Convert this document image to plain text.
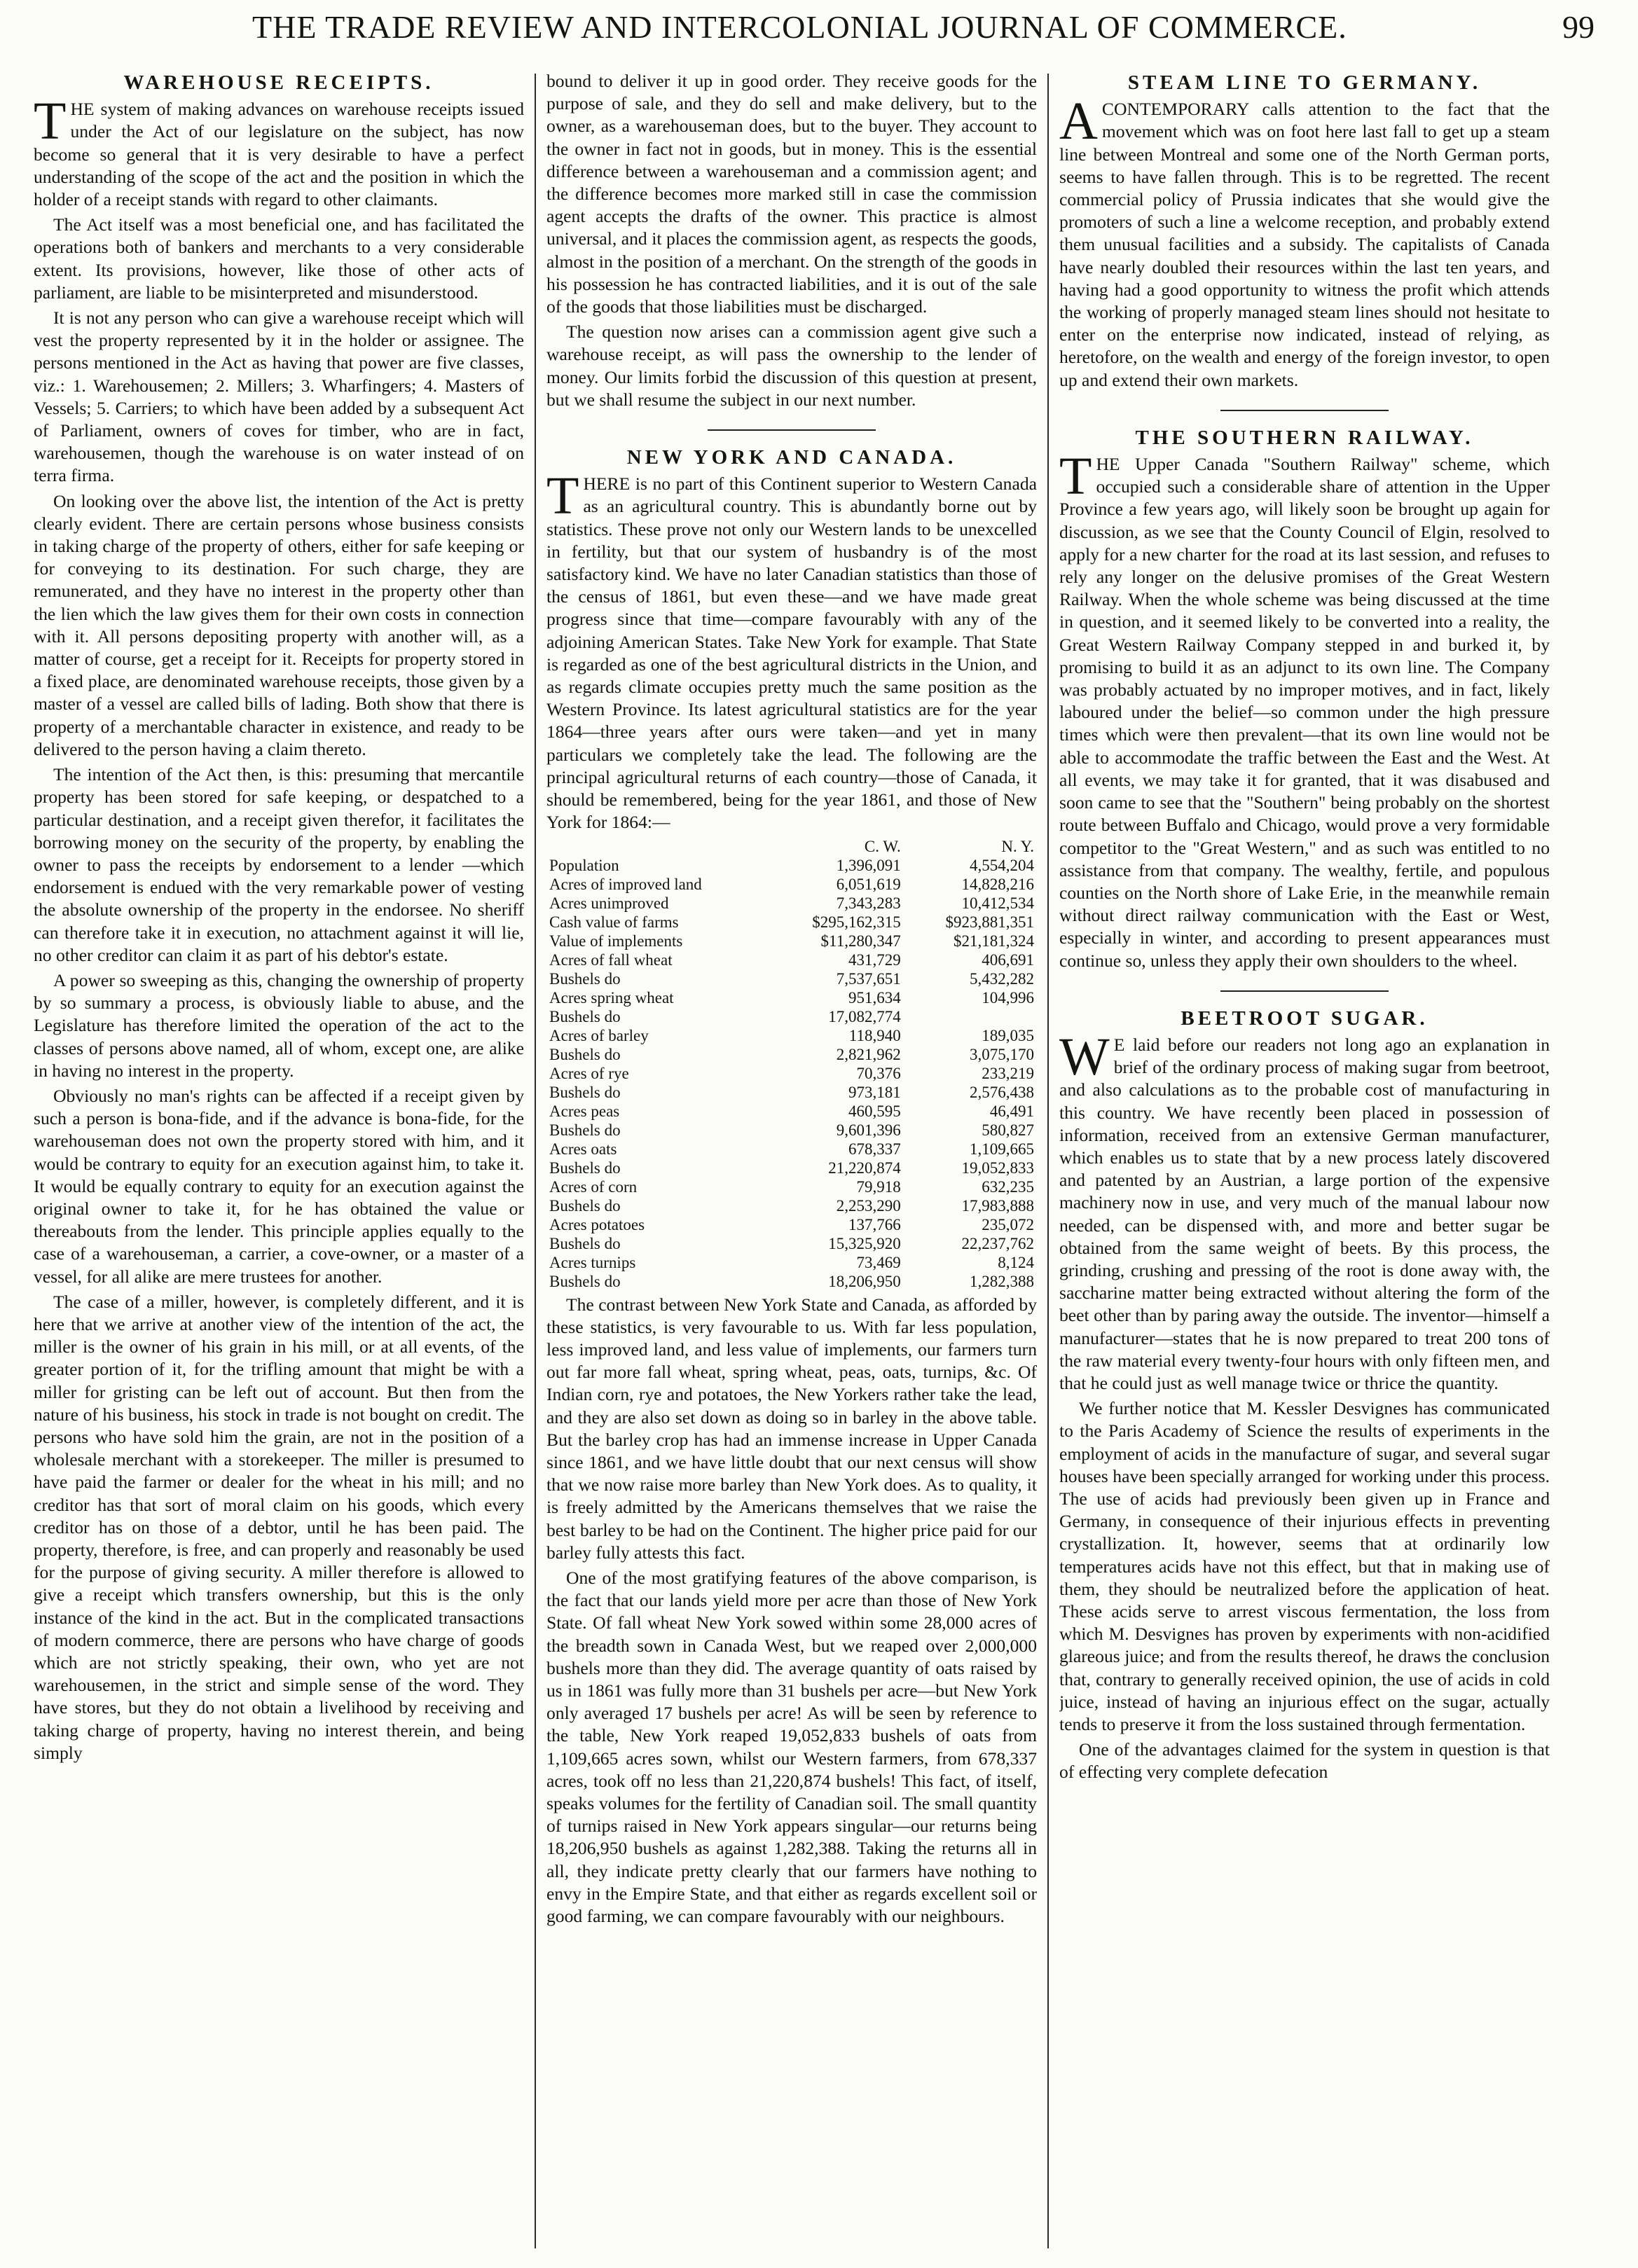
THE TRADE REVIEW AND INTERCOLONIAL JOURNAL OF COMMERCE.	99
WAREHOUSE RECEIPTS.

THE system of making advances on warehouse receipts issued under the Act of our legislature on the subject, has now become so general that it is very desirable to have a perfect understanding of the scope of the act and the position in which the holder of a receipt stands with regard to other claimants.

The Act itself was a most beneficial one, and has facilitated the operations both of bankers and merchants to a very considerable extent. Its provisions, however, like those of other acts of parliament, are liable to be misinterpreted and misunderstood.

It is not any person who can give a warehouse receipt which will vest the property represented by it in the holder or assignee. The persons mentioned in the Act as having that power are five classes, viz.: 1. Warehousemen; 2. Millers; 3. Wharfingers; 4. Masters of Vessels; 5. Carriers; to which have been added by a subsequent Act of Parliament, owners of coves for timber, who are in fact, warehousemen, though the warehouse is on water instead of on terra firma.

On looking over the above list, the intention of the Act is pretty clearly evident. There are certain persons whose business consists in taking charge of the property of others, either for safe keeping or for conveying to its destination. For such charge, they are remunerated, and they have no interest in the property other than the lien which the law gives them for their own costs in connection with it. All persons depositing property with another will, as a matter of course, get a receipt for it. Receipts for property stored in a fixed place, are denominated warehouse receipts, those given by a master of a vessel are called bills of lading. Both show that there is property of a merchantable character in existence, and ready to be delivered to the person having a claim thereto.

The intention of the Act then, is this: presuming that mercantile property has been stored for safe keeping, or despatched to a particular destination, and a receipt given therefor, it facilitates the borrowing money on the security of the property, by enabling the owner to pass the receipts by endorsement to a lender —which endorsement is endued with the very remarkable power of vesting the absolute ownership of the property in the endorsee. No sheriff can therefore take it in execution, no attachment against it will lie, no other creditor can claim it as part of his debtor's estate.

A power so sweeping as this, changing the ownership of property by so summary a process, is obviously liable to abuse, and the Legislature has therefore limited the operation of the act to the classes of persons above named, all of whom, except one, are alike in having no interest in the property.

Obviously no man's rights can be affected if a receipt given by such a person is bona-fide, and if the advance is bona-fide, for the warehouseman does not own the property stored with him, and it would be contrary to equity for an execution against him, to take it. It would be equally contrary to equity for an execution against the original owner to take it, for he has obtained the value or thereabouts from the lender. This principle applies equally to the case of a warehouseman, a carrier, a cove-owner, or a master of a vessel, for all alike are mere trustees for another.

The case of a miller, however, is completely different, and it is here that we arrive at another view of the intention of the act, the miller is the owner of his grain in his mill, or at all events, of the greater portion of it, for the trifling amount that might be with a miller for gristing can be left out of account. But then from the nature of his business, his stock in trade is not bought on credit. The persons who have sold him the grain, are not in the position of a wholesale merchant with a storekeeper. The miller is presumed to have paid the farmer or dealer for the wheat in his mill; and no creditor has that sort of moral claim on his goods, which every creditor has on those of a debtor, until he has been paid. The property, therefore, is free, and can properly and reasonably be used for the purpose of giving security. A miller therefore is allowed to give a receipt which transfers ownership, but this is the only instance of the kind in the act. But in the complicated transactions of modern commerce, there are persons who have charge of goods which are not strictly speaking, their own, who yet are not warehousemen, in the strict and simple sense of the word. They have stores, but they do not obtain a livelihood by receiving and taking charge of property, having no interest therein, and being simply

bound to deliver it up in good order. They receive goods for the purpose of sale, and they do sell and make delivery, but to the owner, as a warehouseman does, but to the buyer. They account to the owner in fact not in goods, but in money. This is the essential difference between a warehouseman and a commission agent; and the difference becomes more marked still in case the commission agent accepts the drafts of the owner. This practice is almost universal, and it places the commission agent, as respects the goods, almost in the position of a merchant. On the strength of the goods in his possession he has contracted liabilities, and it is out of the sale of the goods that those liabilities must be discharged.

The question now arises can a commission agent give such a warehouse receipt, as will pass the ownership to the lender of money. Our limits forbid the discussion of this question at present, but we shall resume the subject in our next number.

NEW YORK AND CANADA.

THERE is no part of this Continent superior to Western Canada as an agricultural country. This is abundantly borne out by statistics. These prove not only our Western lands to be unexcelled in fertility, but that our system of husbandry is of the most satisfactory kind. We have no later Canadian statistics than those of the census of 1861, but even these—and we have made great progress since that time—compare favourably with any of the adjoining American States. Take New York for example. That State is regarded as one of the best agricultural districts in the Union, and as regards climate occupies pretty much the same position as the Western Province. Its latest agricultural statistics are for the year 1864—three years after ours were taken—and yet in many particulars we completely take the lead. The following are the principal agricultural returns of each country—those of Canada, it should be remembered, being for the year 1861, and those of New York for 1864:—

	C. W.	N. Y.
Population	1,396,091	4,554,204
Acres of improved land	6,051,619	14,828,216
Acres unimproved	7,343,283	10,412,534
Cash value of farms	$295,162,315	$923,881,351
Value of implements	$11,280,347	$21,181,324
Acres of fall wheat	431,729	406,691
Bushels do	7,537,651	5,432,282
Acres spring wheat	951,634	104,996
Bushels do	17,082,774	
Acres of barley	118,940	189,035
Bushels do	2,821,962	3,075,170
Acres of rye	70,376	233,219
Bushels do	973,181	2,576,438
Acres peas	460,595	46,491
Bushels do	9,601,396	580,827
Acres oats	678,337	1,109,665
Bushels do	21,220,874	19,052,833
Acres of corn	79,918	632,235
Bushels do	2,253,290	17,983,888
Acres potatoes	137,766	235,072
Bushels do	15,325,920	22,237,762
Acres turnips	73,469	8,124
Bushels do	18,206,950	1,282,388

The contrast between New York State and Canada, as afforded by these statistics, is very favourable to us. With far less population, less improved land, and less value of implements, our farmers turn out far more fall wheat, spring wheat, peas, oats, turnips, &c. Of Indian corn, rye and potatoes, the New Yorkers rather take the lead, and they are also set down as doing so in barley in the above table. But the barley crop has had an immense increase in Upper Canada since 1861, and we have little doubt that our next census will show that we now raise more barley than New York does. As to quality, it is freely admitted by the Americans themselves that we raise the best barley to be had on the Continent. The higher price paid for our barley fully attests this fact.

One of the most gratifying features of the above comparison, is the fact that our lands yield more per acre than those of New York State. Of fall wheat New York sowed within some 28,000 acres of the breadth sown in Canada West, but we reaped over 2,000,000 bushels more than they did. The average quantity of oats raised by us in 1861 was fully more than 31 bushels per acre—but New York only averaged 17 bushels per acre! As will be seen by reference to the table, New York reaped 19,052,833 bushels of oats from 1,109,665 acres sown, whilst our Western farmers, from 678,337 acres, took off no less than 21,220,874 bushels! This fact, of itself, speaks volumes for the fertility of Canadian soil. The small quantity of turnips raised in New York appears singular—our returns being 18,206,950 bushels as against 1,282,388. Taking the returns all in all, they indicate pretty clearly that our farmers have nothing to envy in the Empire State, and that either as regards excellent soil or good farming, we can compare favourably with our neighbours.

STEAM LINE TO GERMANY.

ACONTEMPORARY calls attention to the fact that the movement which was on foot here last fall to get up a steam line between Montreal and some one of the North German ports, seems to have fallen through. This is to be regretted. The recent commercial policy of Prussia indicates that she would give the promoters of such a line a welcome reception, and probably extend them unusual facilities and a subsidy. The capitalists of Canada have nearly doubled their resources within the last ten years, and having had a good opportunity to witness the profit which attends the working of properly managed steam lines should not hesitate to enter on the enterprise now indicated, instead of relying, as heretofore, on the wealth and energy of the foreign investor, to open up and extend their own markets.

THE SOUTHERN RAILWAY.

THE Upper Canada "Southern Railway" scheme, which occupied such a considerable share of attention in the Upper Province a few years ago, will likely soon be brought up again for discussion, as we see that the County Council of Elgin, resolved to apply for a new charter for the road at its last session, and refuses to rely any longer on the delusive promises of the Great Western Railway. When the whole scheme was being discussed at the time in question, and it seemed likely to be converted into a reality, the Great Western Railway Company stepped in and burked it, by promising to build it as an adjunct to its own line. The Company was probably actuated by no improper motives, and in fact, likely laboured under the belief—so common under the high pressure times which were then prevalent—that its own line would not be able to accommodate the traffic between the East and the West. At all events, we may take it for granted, that it was disabused and soon came to see that the "Southern" being probably on the shortest route between Buffalo and Chicago, would prove a very formidable competitor to the "Great Western," and as such was entitled to no assistance from that company. The wealthy, fertile, and populous counties on the North shore of Lake Erie, in the meanwhile remain without direct railway communication with the East or West, especially in winter, and according to present appearances must continue so, unless they apply their own shoulders to the wheel.

BEETROOT SUGAR.

WE laid before our readers not long ago an explanation in brief of the ordinary process of making sugar from beetroot, and also calculations as to the probable cost of manufacturing in this country. We have recently been placed in possession of information, received from an extensive German manufacturer, which enables us to state that by a new process lately discovered and patented by an Austrian, a large portion of the expensive machinery now in use, and very much of the manual labour now needed, can be dispensed with, and more and better sugar be obtained from the same weight of beets. By this process, the grinding, crushing and pressing of the root is done away with, the saccharine matter being extracted without altering the form of the beet other than by paring away the outside. The inventor—himself a manufacturer—states that he is now prepared to treat 200 tons of the raw material every twenty-four hours with only fifteen men, and that he could just as well manage twice or thrice the quantity.

We further notice that M. Kessler Desvignes has communicated to the Paris Academy of Science the results of experiments in the employment of acids in the manufacture of sugar, and several sugar houses have been specially arranged for working under this process. The use of acids had previously been given up in France and Germany, in consequence of their injurious effects in preventing crystallization. It, however, seems that at ordinarily low temperatures acids have not this effect, but that in making use of them, they should be neutralized before the application of heat. These acids serve to arrest viscous fermentation, the loss from which M. Desvignes has proven by experiments with non-acidified glareous juice; and from the results thereof, he draws the conclusion that, contrary to generally received opinion, the use of acids in cold juice, instead of having an injurious effect on the sugar, actually tends to preserve it from the loss sustained through fermentation.

One of the advantages claimed for the system in question is that of effecting very complete defecation
